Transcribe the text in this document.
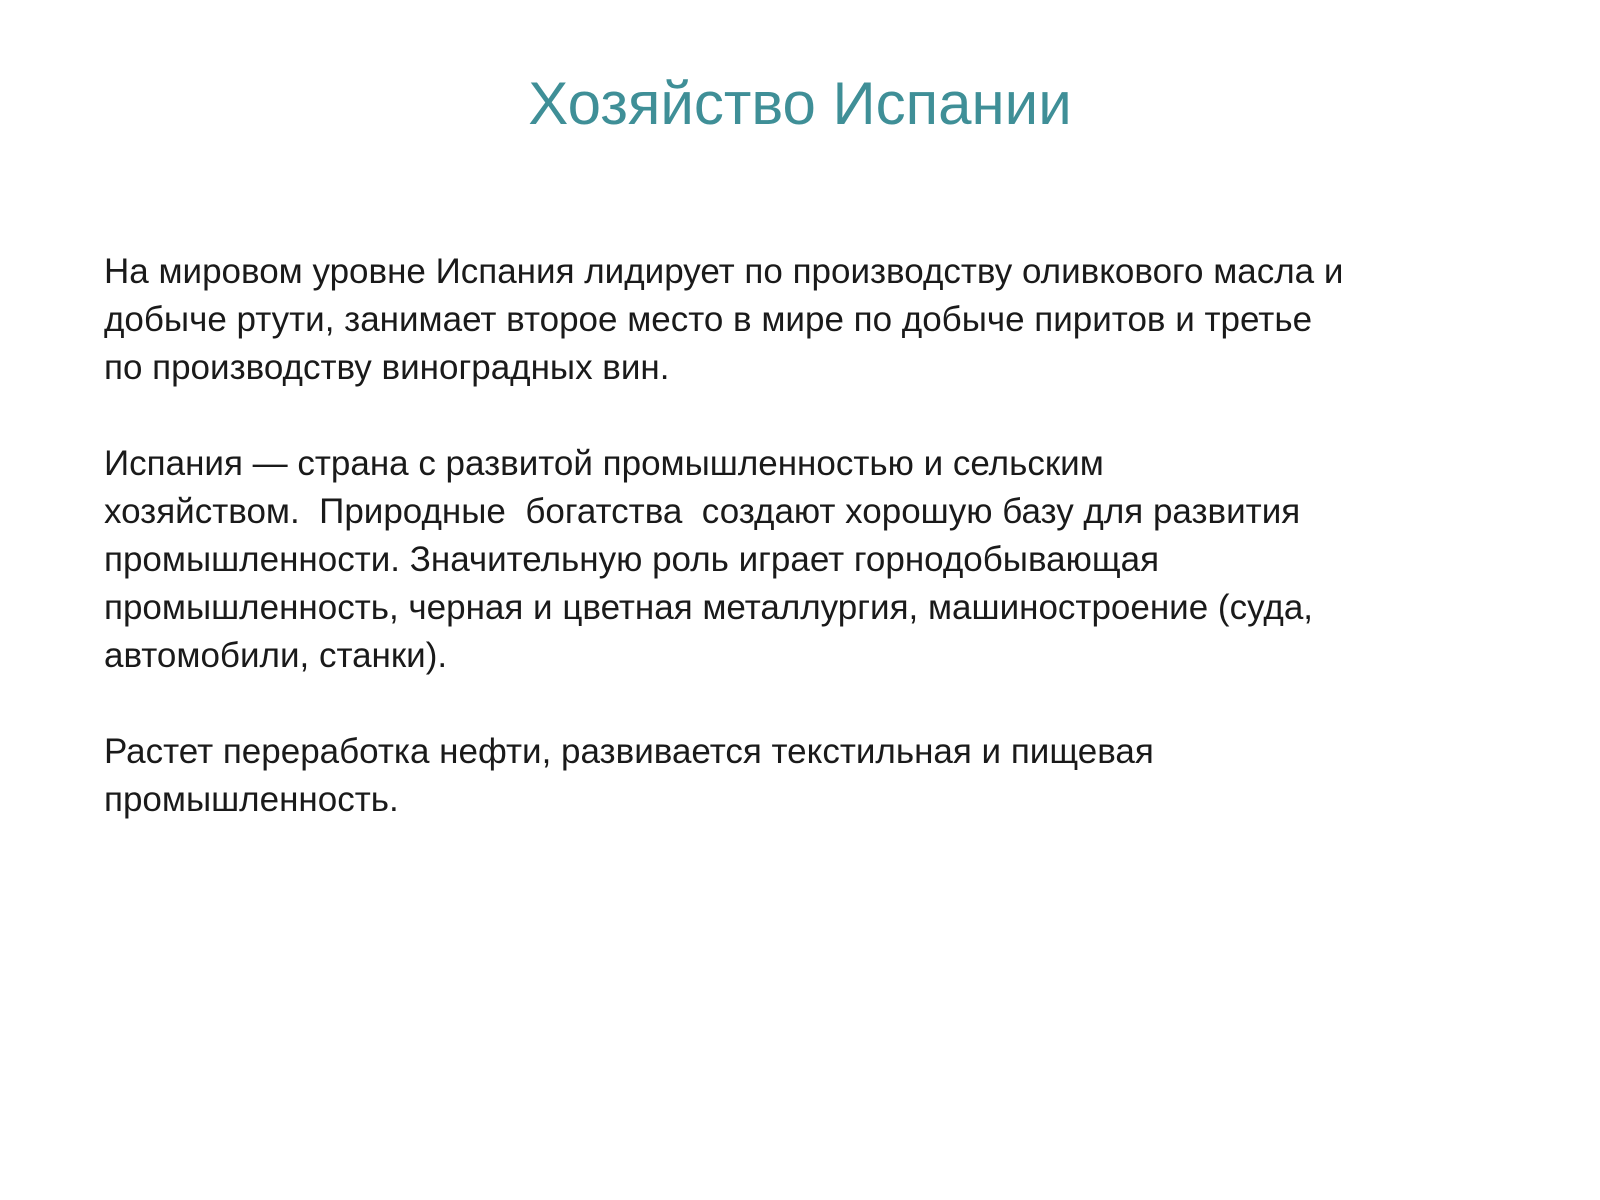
Хозяйство Испании

На мировом уровне Испания лидирует по производству оливкового масла и
добыче ртути, занимает второе место в мире по добыче пиритов и третье
по производству виноградных вин.

Испания — страна с развитой промышленностью и сельским
хозяйством.  Природные  богатства  создают хорошую базу для развития
промышленности. Значительную роль играет горнодобывающая
промышленность, черная и цветная металлургия, машиностроение (суда,
автомобили, станки).

Растет переработка нефти, развивается текстильная и пищевая
промышленность.
